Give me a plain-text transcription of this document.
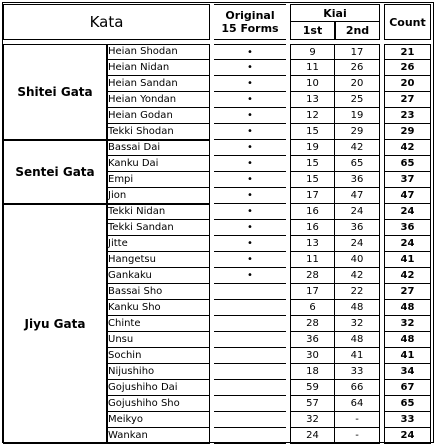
Kata			Original
15 Forms		Kiai			Count
					1st	2nd		

Shitei Gata	Heian Shodan		•		9	17		21
	Heian Nidan		•		11	26		26
	Heian Sandan		•		10	20		20
	Heian Yondan		•		13	25		27
	Heian Godan		•		12	19		23
	Tekki Shodan		•		15	29		29
Sentei Gata	Bassai Dai		•		19	42		42
	Kanku Dai		•		15	65		65
	Empi		•		15	36		37
	Jion		•		17	47		47
Jiyu Gata	Tekki Nidan		•		16	24		24
	Tekki Sandan		•		16	36		36
	Jitte		•		13	24		24
	Hangetsu		•		11	40		41
	Gankaku		•		28	42		42
	Bassai Sho				17	22		27
	Kanku Sho				6	48		48
	Chinte				28	32		32
	Unsu				36	48		48
	Sochin				30	41		41
	Nijushiho				18	33		34
	Gojushiho Dai				59	66		67
	Gojushiho Sho				57	64		65
	Meikyo				32	-		33
	Wankan				24	-		24
